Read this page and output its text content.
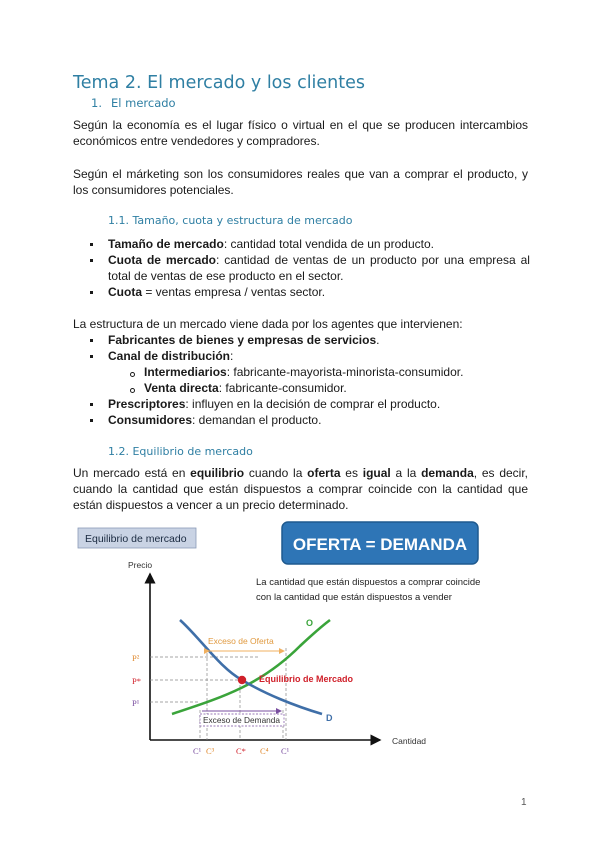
Tema 2. El mercado y los clientes
1. El mercado

Según la economía es el lugar físico o virtual en el que se producen intercambios económicos entre vendedores y compradores.

Según el márketing son los consumidores reales que van a comprar el producto, y los consumidores potenciales.

1.1. Tamaño, cuota y estructura de mercado
Tamaño de mercado: cantidad total vendida de un producto.
Cuota de mercado: cantidad de ventas de un producto por una empresa al total de ventas de ese producto en el sector.
Cuota = ventas empresa / ventas sector.

La estructura de un mercado viene dada por los agentes que intervienen:

Fabricantes de bienes y empresas de servicios.
Canal de distribución:
Intermediarios: fabricante-mayorista-minorista-consumidor.
Venta directa: fabricante-consumidor.
Prescriptores: influyen en la decisión de comprar el producto.
Consumidores: demandan el producto.
1.2. Equilibrio de mercado

Un mercado está en equilibrio cuando la oferta es igual a la demanda, es decir, cuando la cantidad que están dispuestos a comprar coincide con la cantidad que están dispuestos a vencer a un precio determinado.

Equilibrio de mercado	OFERTA = DEMANDA
La cantidad que están dispuestos a comprar coincide
con la cantidad que están dispuestos a vender
Precio
Cantidad
O
D
Exceso de Oferta
Exceso de Demanda
Equilibrio de Mercado
P²
P*
P¹
C¹ C³	C* C⁴ C¹
1
